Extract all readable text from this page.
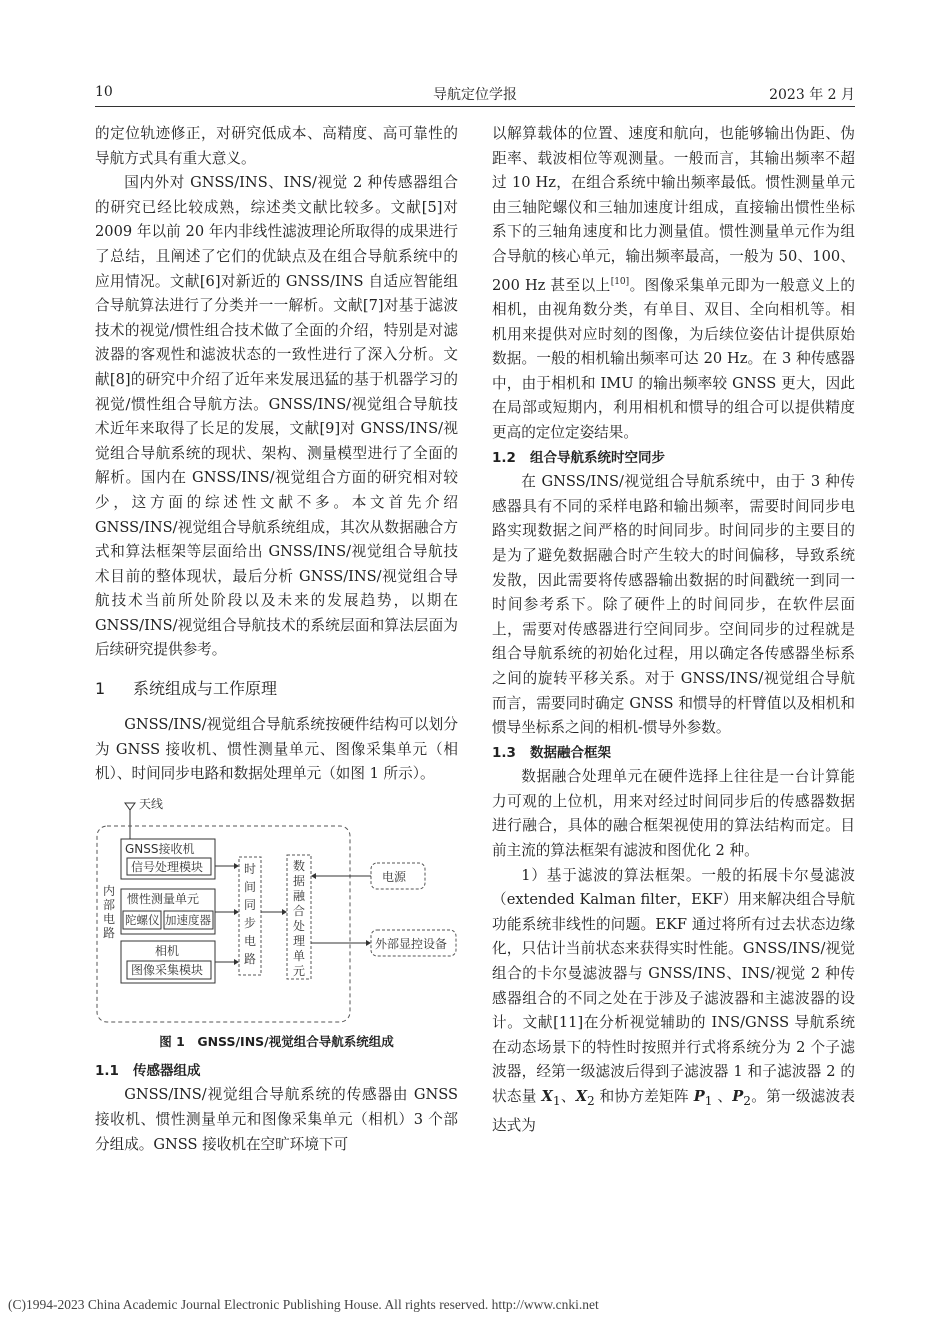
10	导航定位学报	2023 年 2 月

的定位轨迹修正，对研究低成本、高精度、高可靠性的导航方式具有重大意义。

国内外对 GNSS/INS、INS/视觉 2 种传感器组合的研究已经比较成熟，综述类文献比较多。文献[5]对 2009 年以前 20 年内非线性滤波理论所取得的成果进行了总结，且阐述了它们的优缺点及在组合导航系统中的应用情况。文献[6]对新近的 GNSS/INS 自适应智能组合导航算法进行了分类并一一解析。文献[7]对基于滤波技术的视觉/惯性组合技术做了全面的介绍，特别是对滤波器的客观性和滤波状态的一致性进行了深入分析。文献[8]的研究中介绍了近年来发展迅猛的基于机器学习的视觉/惯性组合导航方法。GNSS/INS/视觉组合导航技术近年来取得了长足的发展，文献[9]对 GNSS/INS/视觉组合导航系统的现状、架构、测量模型进行了全面的解析。国内在 GNSS/INS/视觉组合方面的研究相对较少，这方面的综述性文献不多。本文首先介绍 GNSS/INS/视觉组合导航系统组成，其次从数据融合方式和算法框架等层面给出 GNSS/INS/视觉组合导航技术目前的整体现状，最后分析 GNSS/INS/视觉组合导航技术当前所处阶段以及未来的发展趋势，以期在 GNSS/INS/视觉组合导航技术的系统层面和算法层面为后续研究提供参考。

1 系统组成与工作原理

GNSS/INS/视觉组合导航系统按硬件结构可以划分为 GNSS 接收机、惯性测量单元、图像采集单元（相机）、时间同步电路和数据处理单元（如图 1 所示）。

天线
内
部
电
路
GNSS接收机
信号处理模块
惯性测量单元
陀螺仪 加速度器
相机
图像采集模块
时
间
同
步
电
路
数
据
融
合
处
理
单
元
电源
外部显控设备
图 1　GNSS/INS/视觉组合导航系统组成
1.1 传感器组成

GNSS/INS/视觉组合导航系统的传感器由 GNSS 接收机、惯性测量单元和图像采集单元（相机）3 个部分组成。GNSS 接收机在空旷环境下可

以解算载体的位置、速度和航向，也能够输出伪距、伪距率、载波相位等观测量。一般而言，其输出频率不超过 10 Hz，在组合系统中输出频率最低。惯性测量单元由三轴陀螺仪和三轴加速度计组成，直接输出惯性坐标系下的三轴角速度和比力测量值。惯性测量单元作为组合导航的核心单元，输出频率最高，一般为 50、100、200 Hz 甚至以上[10]。图像采集单元即为一般意义上的相机，由视角数分类，有单目、双目、全向相机等。相机用来提供对应时刻的图像，为后续位姿估计提供原始数据。一般的相机输出频率可达 20 Hz。在 3 种传感器中，由于相机和 IMU 的输出频率较 GNSS 更大，因此在局部或短期内，利用相机和惯导的组合可以提供精度更高的定位定姿结果。

1.2 组合导航系统时空同步

在 GNSS/INS/视觉组合导航系统中，由于 3 种传感器具有不同的采样电路和输出频率，需要时间同步电路实现数据之间严格的时间同步。时间同步的主要目的是为了避免数据融合时产生较大的时间偏移，导致系统发散，因此需要将传感器输出数据的时间戳统一到同一时间参考系下。除了硬件上的时间同步，在软件层面上，需要对传感器进行空间同步。空间同步的过程就是组合导航系统的初始化过程，用以确定各传感器坐标系之间的旋转平移关系。对于 GNSS/INS/视觉组合导航而言，需要同时确定 GNSS 和惯导的杆臂值以及相机和惯导坐标系之间的相机-惯导外参数。

1.3 数据融合框架

数据融合处理单元在硬件选择上往往是一台计算能力可观的上位机，用来对经过时间同步后的传感器数据进行融合，具体的融合框架视使用的算法结构而定。目前主流的算法框架有滤波和图优化 2 种。

1）基于滤波的算法框架。一般的拓展卡尔曼滤波（extended Kalman filter，EKF）用来解决组合导航功能系统非线性的问题。EKF 通过将所有过去状态边缘化，只估计当前状态来获得实时性能。GNSS/INS/视觉组合的卡尔曼滤波器与 GNSS/INS、INS/视觉 2 种传感器组合的不同之处在于涉及子滤波器和主滤波器的设计。文献[11]在分析视觉辅助的 INS/GNSS 导航系统在动态场景下的特性时按照并行式将系统分为 2 个子滤波器，经第一级滤波后得到子滤波器 1 和子滤波器 2 的状态量 $X_1$、$X_2$ 和协方差矩阵 $P_1$ 、$P_2$。第一级滤波表达式为

(C)1994-2023 China Academic Journal Electronic Publishing House. All rights reserved. http://www.cnki.net
